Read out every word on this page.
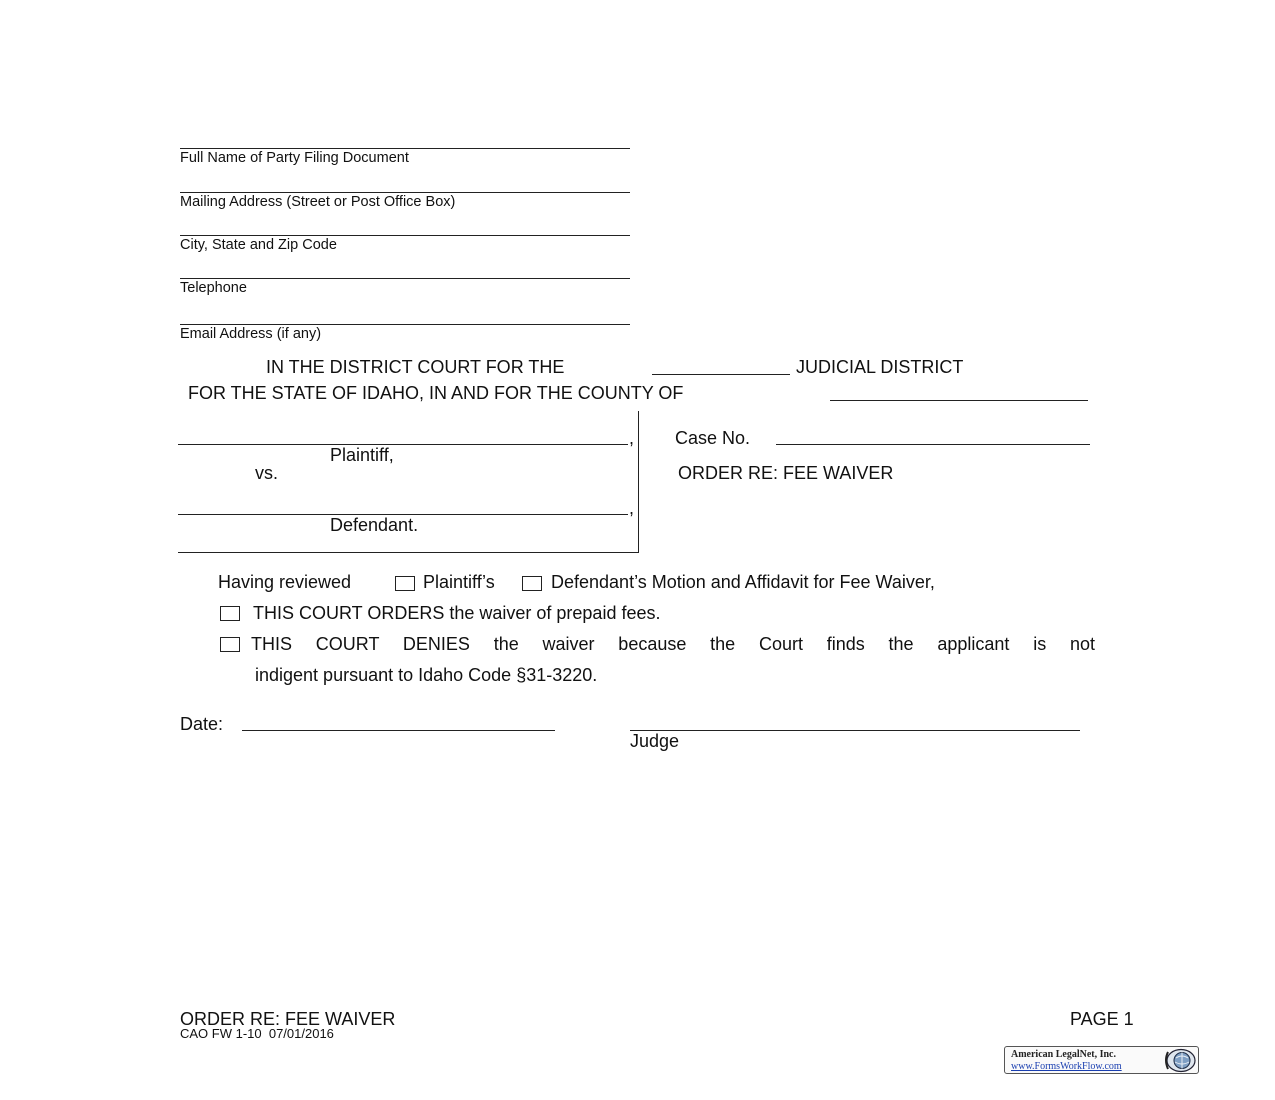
Full Name of Party Filing Document
Mailing Address (Street or Post Office Box)
City, State and Zip Code
Telephone
Email Address (if any)
IN THE DISTRICT COURT FOR THE	JUDICIAL DISTRICT
FOR THE STATE OF IDAHO, IN AND FOR THE COUNTY OF
,
Plaintiff,
vs.
,
Defendant.
Case No.
ORDER RE: FEE WAIVER
Having reviewed	Plaintiff’s	Defendant’s Motion and Affidavit for Fee Waiver,
THIS COURT ORDERS the waiver of prepaid fees.
THIS COURT DENIES the waiver because the Court finds the applicant is not
indigent pursuant to Idaho Code §31-3220.
Date:
Judge
ORDER RE: FEE WAIVER
CAO FW 1-10  07/01/2016
PAGE 1
American LegalNet, Inc.
www.FormsWorkFlow.com
